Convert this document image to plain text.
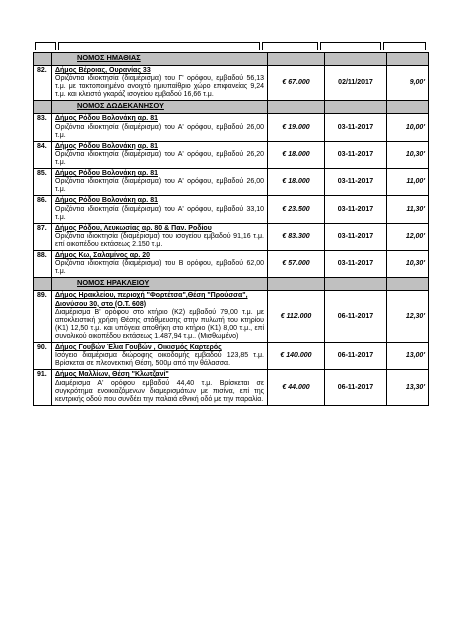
	ΝΟΜΟΣ ΗΜΑΘΙΑΣ			
82.	Δήμος Βέροιας, Ουρανίας 33
Οριζόντια ιδιοκτησία (διαμέρισμα) του Γ' ορόφου, εμβαδού 56,13 τ.μ. με τακτοποιημένο ανοιχτό ημιυπαίθριο χώρο επιφανείας 9,24 τ.μ. και κλειστό γκαράζ ισογείου εμβαδού 16,66 τ.μ.	€ 67.000	02/11/2017	9,00'
	ΝΟΜΟΣ ΔΩΔΕΚΑΝΗΣΟΥ			
83.	Δήμος Ρόδου Βολονάκη αρ. 81
Οριζόντια ιδιοκτησία (διαμέρισμα) του Α' ορόφου, εμβαδού 26,00 τ.μ.	€ 19.000	03-11-2017	10,00'
84.	Δήμος Ρόδου Βολονάκη αρ. 81
Οριζόντια ιδιοκτησία (διαμέρισμα) του Α' ορόφου, εμβαδού 26,20 τ.μ.	€ 18.000	03-11-2017	10,30'
85.	Δήμος Ρόδου Βολονάκη αρ. 81
Οριζόντια ιδιοκτησία (διαμέρισμα) του Α' ορόφου, εμβαδού 26,00 τ.μ.	€ 18.000	03-11-2017	11,00'
86.	Δήμος Ρόδου Βολονάκη αρ. 81
Οριζόντια ιδιοκτησία (διαμέρισμα) του Α' ορόφου, εμβαδού 33,10 τ.μ.	€ 23.500	03-11-2017	11,30'
87.	Δήμος Ρόδου, Λευκωσίας αρ. 80 & Παν. Ροδίου
Οριζόντια ιδιοκτησία (διαμέρισμα) του ισογείου εμβαδού 91,16 τ.μ. επί οικοπέδου εκτάσεως 2.150 τ.μ.	€ 83.300	03-11-2017	12,00'
88.	Δήμος Κω, Σαλαμίνος αρ. 20
Οριζόντια ιδιοκτησία (διαμέρισμα) του Β ορόφου, εμβαδού 62,00 τ.μ.	€ 57.000	03-11-2017	10,30'
	ΝΟΜΟΣ ΗΡΑΚΛΕΙΟΥ			
89.	Δήμος Ηρακλείου, περιοχή "Φορτέτσα",Θέση "Προύσσα", Διονύσου 30, στο (Ο.Τ. 608)
Διαμέρισμα Β' ορόφου στο κτήριο (Κ2) εμβαδού 79,00 τ.μ. με αποκλειστική χρήση Θέσης στάθμευσης στην πυλωτή του κτηρίου (Κ1) 12,50 τ.μ. και υπόγεια αποθήκη στο κτήριο (Κ1) 8,00 τ.μ., επί συνολικού οικοπέδου εκτάσεως 1.487,94 τ.μ.. (Μισθωμένο)	€ 112.000	06-11-2017	12,30'
90.	Δήμος Γουβών Έλια Γουβών , Οικισμός Καρτερός
Ισόγειο διαμέρισμα διώροφης οικοδομής εμβαδού 123,85 τ.μ. Βρίσκεται σε πλεονεκτική Θέση, 500μ από την θάλασσα.	€ 140.000	06-11-2017	13,00'
91.	Δήμος Μαλλίων, Θέση "Κλωτζανί"
Διαμέρισμα Α' ορόφου εμβαδού 44,40 τ.μ. Βρίσκεται σε συγκρότημα ενοικιαζόμενων διαμερισμάτων με πισίνα, επί της κεντρικής οδού που συνδέει την παλαιά εθνική οδό με την παραλία.	€ 44.000	06-11-2017	13,30'
